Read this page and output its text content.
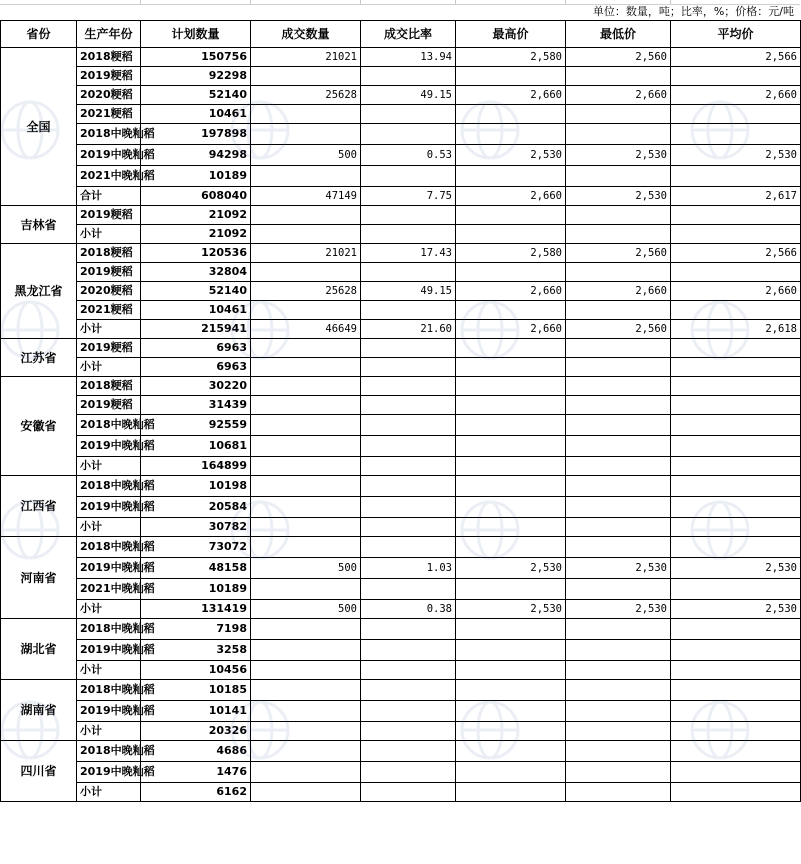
单位：数量，吨；比率，%；价格：元/吨
省份	生产年份	计划数量	成交数量	成交比率	最高价	最低价	平均价
全国	2018粳稻	150756	21021	13.94	2,580	2,560	2,566
	2019粳稻	92298					
	2020粳稻	52140	25628	49.15	2,660	2,660	2,660
	2021粳稻	10461					
	2018中晚籼稻	197898					
	2019中晚籼稻	94298	500	0.53	2,530	2,530	2,530
	2021中晚籼稻	10189					
	合计	608040	47149	7.75	2,660	2,530	2,617
吉林省	2019粳稻	21092					
	小计	21092					
黑龙江省	2018粳稻	120536	21021	17.43	2,580	2,560	2,566
	2019粳稻	32804					
	2020粳稻	52140	25628	49.15	2,660	2,660	2,660
	2021粳稻	10461					
	小计	215941	46649	21.60	2,660	2,560	2,618
江苏省	2019粳稻	6963					
	小计	6963					
安徽省	2018粳稻	30220					
	2019粳稻	31439					
	2018中晚籼稻	92559					
	2019中晚籼稻	10681					
	小计	164899					
江西省	2018中晚籼稻	10198					
	2019中晚籼稻	20584					
	小计	30782					
河南省	2018中晚籼稻	73072					
	2019中晚籼稻	48158	500	1.03	2,530	2,530	2,530
	2021中晚籼稻	10189					
	小计	131419	500	0.38	2,530	2,530	2,530
湖北省	2018中晚籼稻	7198					
	2019中晚籼稻	3258					
	小计	10456					
湖南省	2018中晚籼稻	10185					
	2019中晚籼稻	10141					
	小计	20326					
四川省	2018中晚籼稻	4686					
	2019中晚籼稻	1476					
	小计	6162					
